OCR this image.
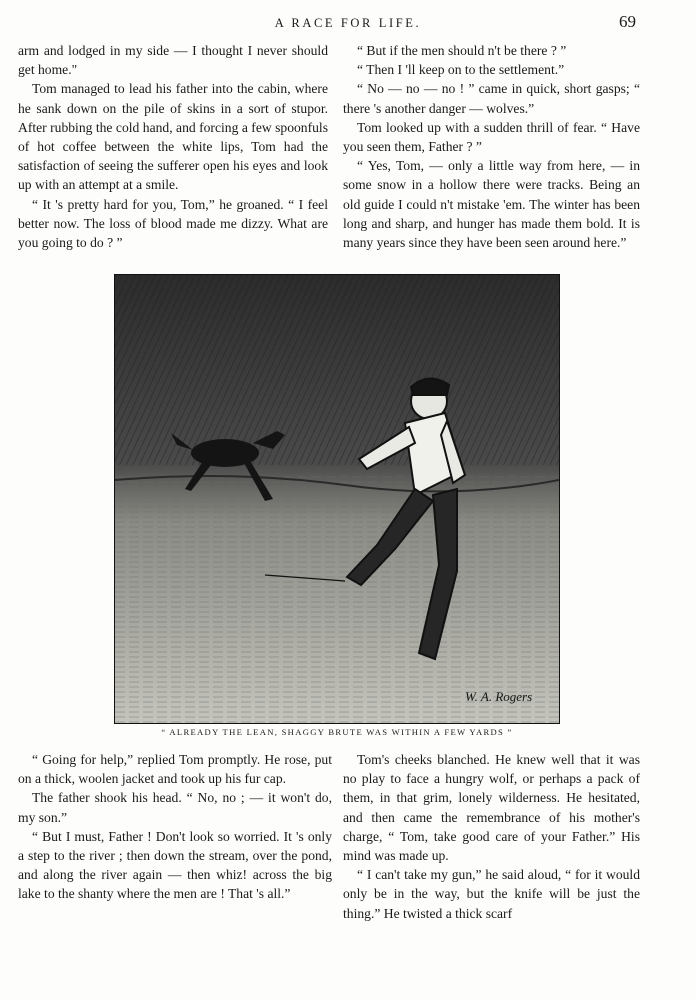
A RACE FOR LIFE.	69

arm and lodged in my side — I thought I never should get home."

Tom managed to lead his father into the cabin, where he sank down on the pile of skins in a sort of stupor. After rubbing the cold hand, and forcing a few spoonfuls of hot coffee between the white lips, Tom had the satisfaction of seeing the sufferer open his eyes and look up with an attempt at a smile.

“ It 's pretty hard for you, Tom,” he groaned. “ I feel better now. The loss of blood made me dizzy. What are you going to do ? ”

“ But if the men should n't be there ? ”

“ Then I 'll keep on to the settlement.”

“ No — no — no ! ” came in quick, short gasps; “ there 's another danger — wolves.”

Tom looked up with a sudden thrill of fear. “ Have you seen them, Father ? ”

“ Yes, Tom, — only a little way from here, — in some snow in a hollow there were tracks. Being an old guide I could n't mistake 'em. The winter has been long and sharp, and hunger has made them bold. It is many years since they have been seen around here.”

W. A. Rogers
“ ALREADY THE LEAN, SHAGGY BRUTE WAS WITHIN A FEW YARDS ”

“ Going for help,” replied Tom promptly. He rose, put on a thick, woolen jacket and took up his fur cap.

The father shook his head. “ No, no ; — it won't do, my son.”

“ But I must, Father ! Don't look so worried. It 's only a step to the river ; then down the stream, over the pond, and along the river again — then whiz! across the big lake to the shanty where the men are ! That 's all.”

Tom's cheeks blanched. He knew well that it was no play to face a hungry wolf, or perhaps a pack of them, in that grim, lonely wilderness. He hesitated, and then came the remembrance of his mother's charge, “ Tom, take good care of your Father.” His mind was made up.

“ I can't take my gun,” he said aloud, “ for it would only be in the way, but the knife will be just the thing.” He twisted a thick scarf
